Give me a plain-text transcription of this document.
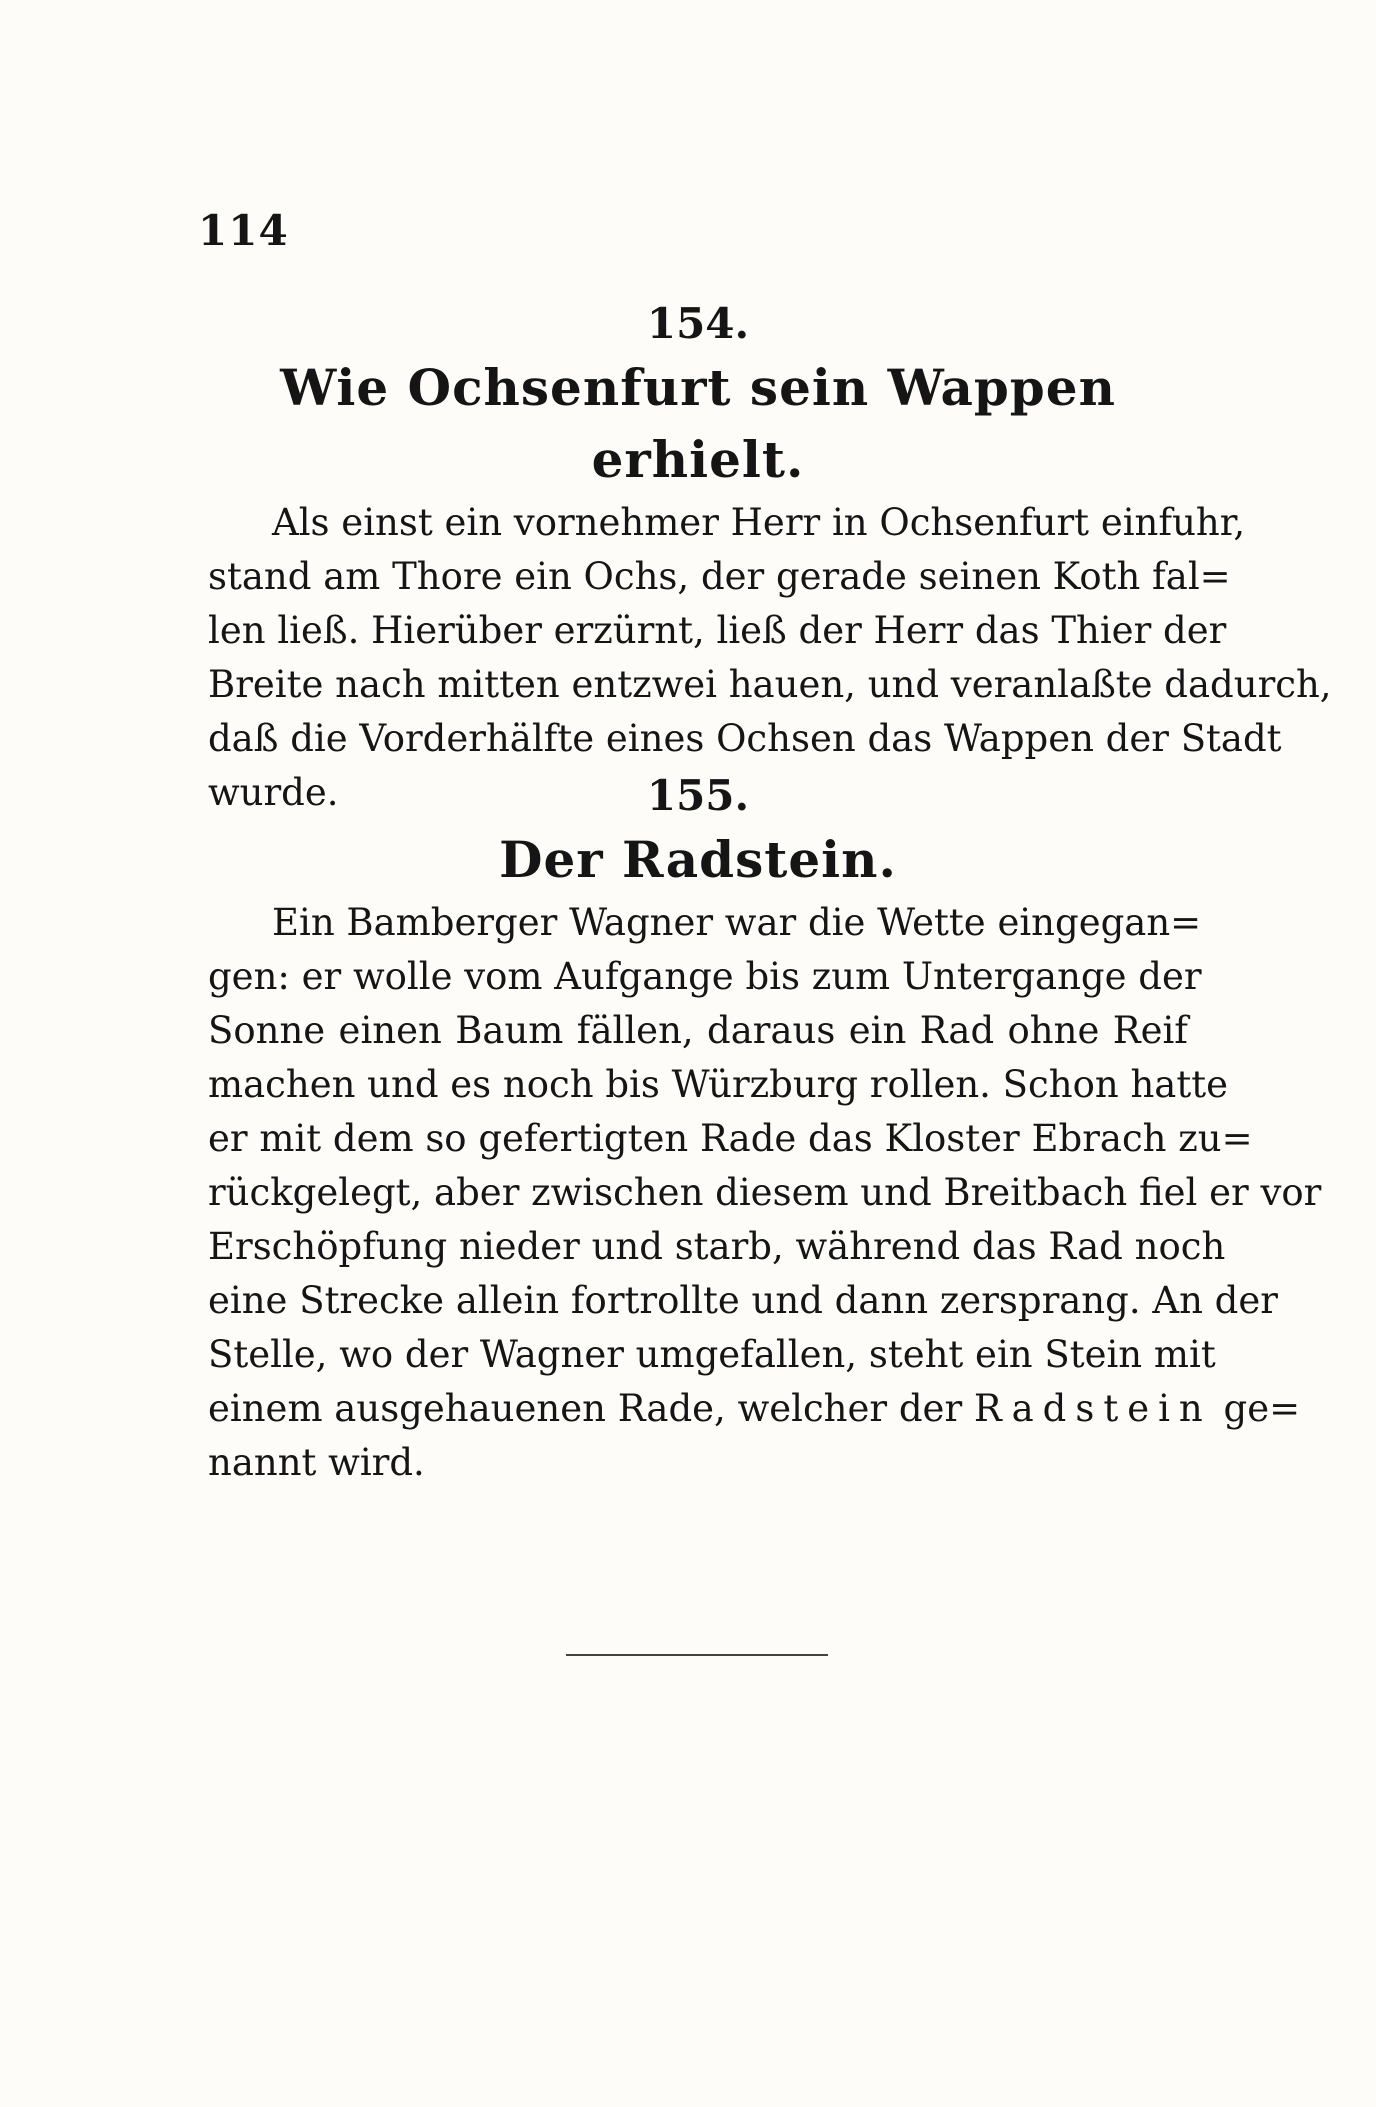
114
154.
Wie Ochsenfurt sein Wappen erhielt.

Als einst ein vornehmer Herr in Ochsenfurt einfuhr,

stand am Thore ein Ochs, der gerade seinen Koth fal=

len ließ. Hierüber erzürnt, ließ der Herr das Thier der

Breite nach mitten entzwei hauen, und veranlaßte dadurch,

daß die Vorderhälfte eines Ochsen das Wappen der Stadt

wurde.	155.
Der Radstein.

Ein Bamberger Wagner war die Wette eingegan=

gen: er wolle vom Aufgange bis zum Untergange der

Sonne einen Baum fällen, daraus ein Rad ohne Reif

machen und es noch bis Würzburg rollen. Schon hatte

er mit dem so gefertigten Rade das Kloster Ebrach zu=

rückgelegt, aber zwischen diesem und Breitbach fiel er vor

Erschöpfung nieder und starb, während das Rad noch

eine Strecke allein fortrollte und dann zersprang. An der

Stelle, wo der Wagner umgefallen, steht ein Stein mit

einem ausgehauenen Rade, welcher der Radstein ge=

nannt wird.
